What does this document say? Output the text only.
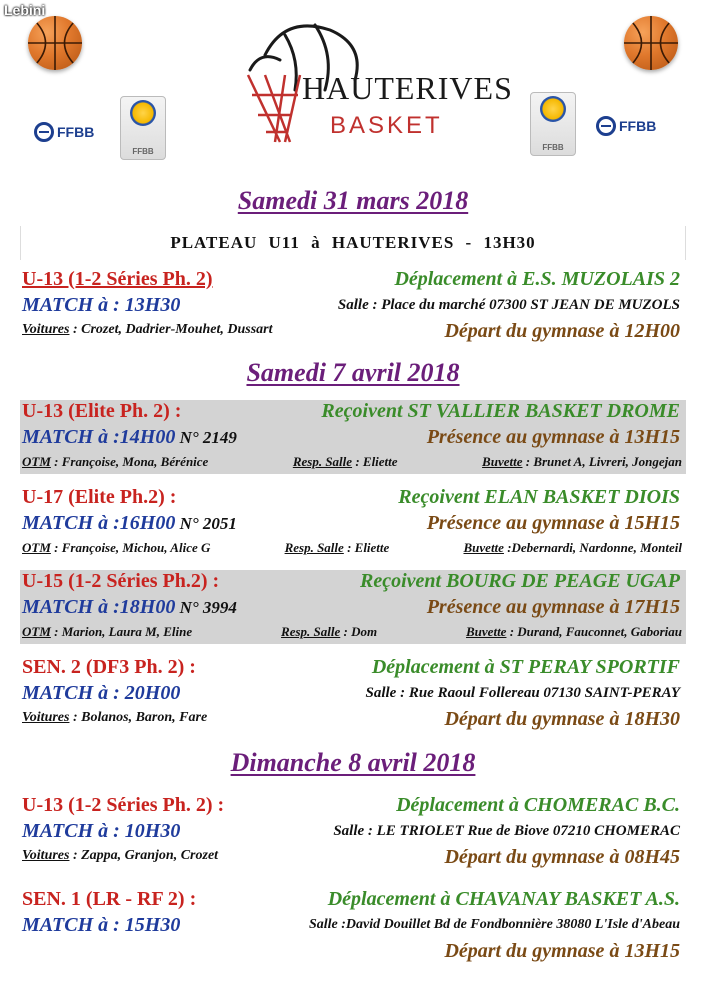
Lebini
FFBB
FFBB	FFBB
FFBB
HAUTERIVES
BASKET
Samedi 31 mars 2018
PLATEAU U11 à HAUTERIVES - 13H30
U-13 (1-2 Séries Ph. 2)	Déplacement à E.S. MUZOLAIS 2
MATCH à : 13H30	Salle : Place du marché 07300 ST JEAN DE MUZOLS
Voitures : Crozet, Dadrier-Mouhet, Dussart	Départ du gymnase à 12H00
Samedi 7 avril 2018
U-13 (Elite Ph. 2) :	Reçoivent ST VALLIER BASKET DROME
MATCH à :14H00 N° 2149	Présence au gymnase à 13H15
OTM : Françoise, Mona, Bérénice	Resp. Salle : Eliette	Buvette : Brunet A, Livreri, Jongejan
U-17 (Elite Ph.2) :	Reçoivent ELAN BASKET DIOIS
MATCH à :16H00 N° 2051	Présence au gymnase à 15H15
OTM : Françoise, Michou, Alice G	Resp. Salle : Eliette	Buvette :Debernardi, Nardonne, Monteil
U-15 (1-2 Séries Ph.2) :	Reçoivent BOURG DE PEAGE UGAP
MATCH à :18H00 N° 3994	Présence au gymnase à 17H15
OTM : Marion, Laura M, Eline	Resp. Salle : Dom	Buvette : Durand, Fauconnet, Gaboriau
SEN. 2 (DF3 Ph. 2) :	Déplacement à ST PERAY SPORTIF
MATCH à : 20H00	Salle : Rue Raoul Follereau 07130 SAINT-PERAY
Voitures : Bolanos, Baron, Fare	Départ du gymnase à 18H30
Dimanche 8 avril 2018
U-13 (1-2 Séries Ph. 2) :	Déplacement à CHOMERAC B.C.
MATCH à : 10H30	Salle : LE TRIOLET Rue de Biove 07210 CHOMERAC
Voitures : Zappa, Granjon, Crozet	Départ du gymnase à 08H45
SEN. 1 (LR - RF 2) :	Déplacement à CHAVANAY BASKET A.S.
MATCH à : 15H30	Salle :David Douillet Bd de Fondbonnière 38080 L'Isle d'Abeau
Départ du gymnase à 13H15
